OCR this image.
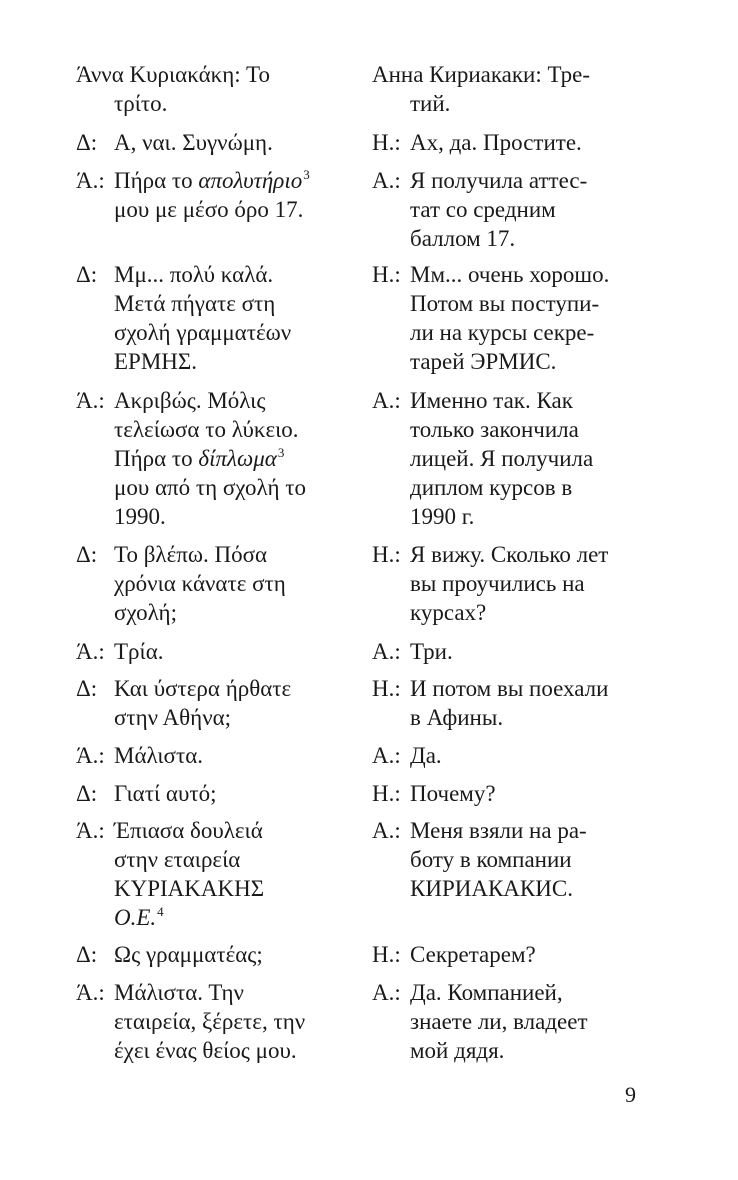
Άννα Κυριακάκη: Το
τρίτο.
Δ: Α, ναι. Συγνώμη.
Ά.: Πήρα το απολυτήριο$^3$
μου με μέσο όρο 17.
Δ: Μμ... πολύ καλά.
Μετά πήγατε στη
σχολή γραμματέων
ΕΡΜΗΣ.
Ά.: Ακριβώς. Μόλις
τελείωσα το λύκειο.
Πήρα το δίπλωμα$^3$
μου από τη σχολή το
1990.
Δ: Το βλέπω. Πόσα
χρόνια κάνατε στη
σχολή;
Ά.: Τρία.
Δ: Και ύστερα ήρθατε
στην Αθήνα;
Ά.: Μάλιστα.
Δ: Γιατί αυτό;
Ά.: Έπιασα δουλειά
στην εταιρεία
ΚΥΡΙΑΚΑΚΗΣ
Ο.Ε.$^4$
Δ: Ως γραμματέας;
Ά.: Μάλιστα. Την
εταιρεία, ξέρετε, την
έχει ένας θείος μου.
Анна Кириакаки: Тре-
тий.
Н.: Ах, да. Простите.
А.: Я получила аттес-
тат со средним
баллом 17.
Н.: Мм... очень хорошо.
Потом вы поступи-
ли на курсы секре-
тарей ЭРМИС.
А.: Именно так. Как
только закончила
лицей. Я получила
диплом курсов в
1990 г.
Н.: Я вижу. Сколько лет
вы проучились на
курсах?
А.: Три.
Н.: И потом вы поехали
в Афины.
А.: Да.
Н.: Почему?
А.: Меня взяли на ра-
боту в компании
КИРИАКАКИС.
Н.: Секретарем?
А.: Да. Компанией,
знаете ли, владеет
мой дядя.
9
